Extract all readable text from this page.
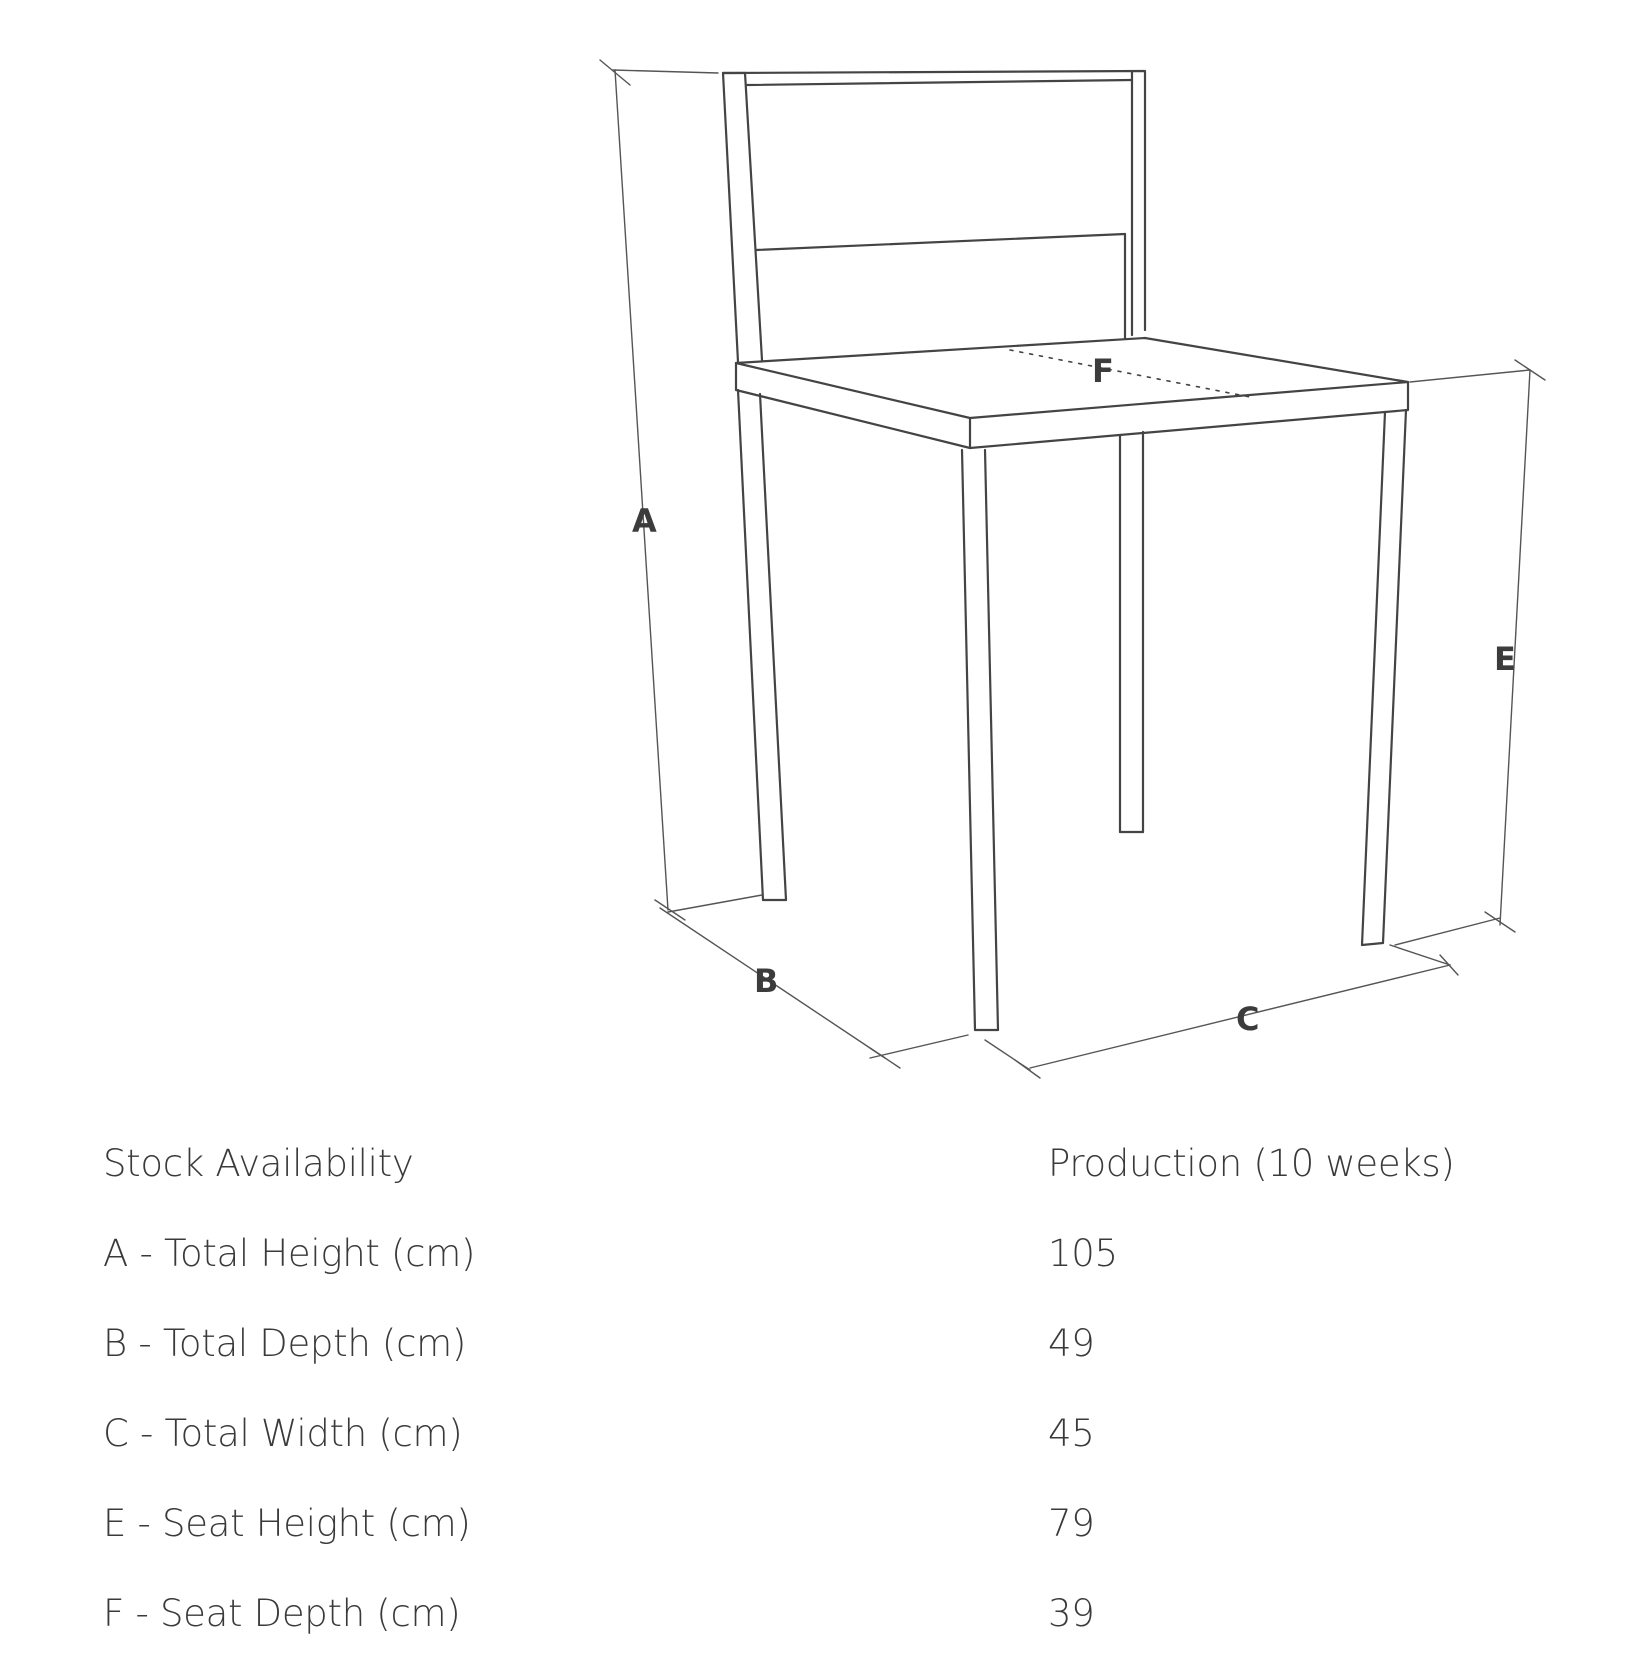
A
B
C
E
F
Stock Availability	Production (10 weeks)
A - Total Height (cm)	105
B - Total Depth (cm)	49
C - Total Width (cm)	45
E - Seat Height (cm)	79
F - Seat Depth (cm)	39
